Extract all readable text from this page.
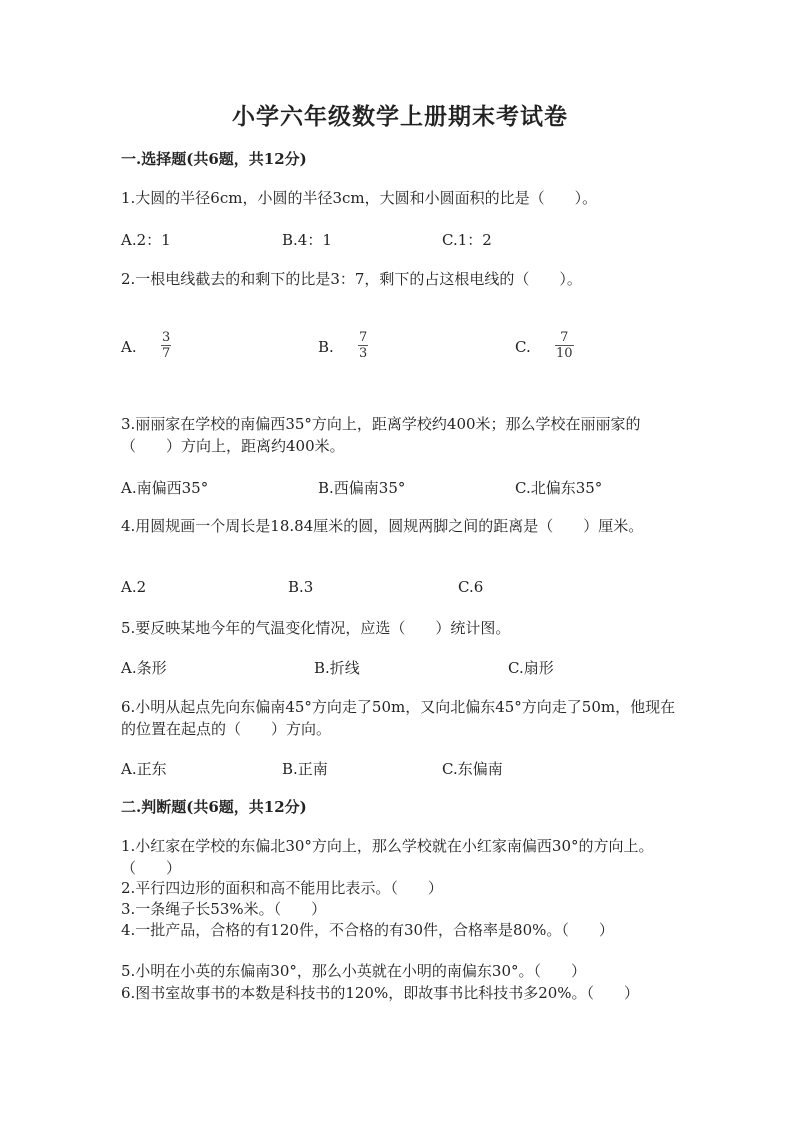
小学六年级数学上册期末考试卷
一.选择题(共6题，共12分)
1.大圆的半径6cm，小圆的半径3cm，大圆和小圆面积的比是（　　）。
A.2：1	B.4：1	C.1：2
2.一根电线截去的和剩下的比是3：7，剩下的占这根电线的（　　）。
A. $\frac{3}{7}$	B. $\frac{7}{3}$	C. $\frac{7}{10}$
3.丽丽家在学校的南偏西35°方向上，距离学校约400米；那么学校在丽丽家的（　　）方向上，距离约400米。
A.南偏西35°	B.西偏南35°	C.北偏东35°
4.用圆规画一个周长是18.84厘米的圆，圆规两脚之间的距离是（　　）厘米。
A.2	B.3	C.6
5.要反映某地今年的气温变化情况，应选（　　）统计图。
A.条形	B.折线	C.扇形
6.小明从起点先向东偏南45°方向走了50m，又向北偏东45°方向走了50m，他现在的位置在起点的（　　）方向。
A.正东	B.正南	C.东偏南
二.判断题(共6题，共12分)
1.小红家在学校的东偏北30°方向上，那么学校就在小红家南偏西30°的方向上。（　　）
2.平行四边形的面积和高不能用比表示。（　　）
3.一条绳子长53%米。（　　）
4.一批产品，合格的有120件，不合格的有30件，合格率是80%。（　　）
5.小明在小英的东偏南30°，那么小英就在小明的南偏东30°。（　　）
6.图书室故事书的本数是科技书的120%，即故事书比科技书多20%。（　　）
